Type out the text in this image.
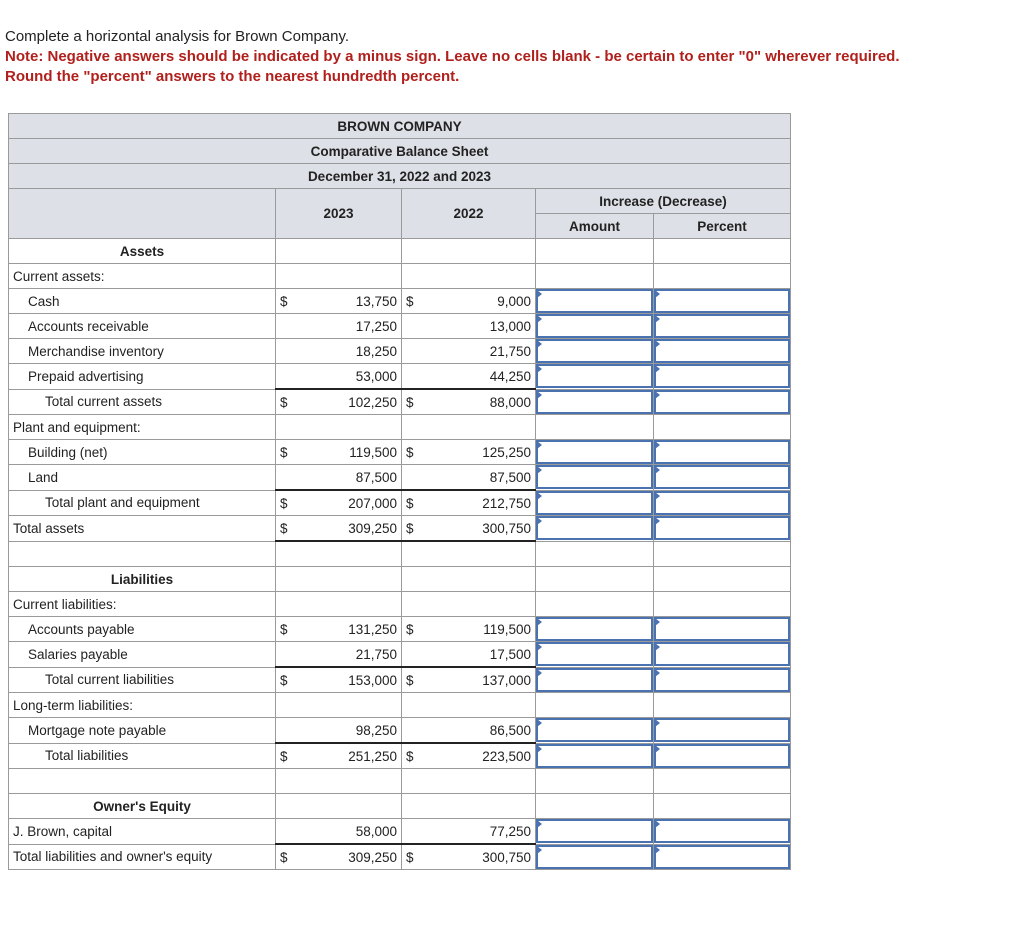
Complete a horizontal analysis for Brown Company.
Note: Negative answers should be indicated by a minus sign. Leave no cells blank - be certain to enter "0" wherever required.
Round the "percent" answers to the nearest hundredth percent.
BROWN COMPANY				
Comparative Balance Sheet				
December 31, 2022 and 2023				
	2023	2022	Increase (Decrease)	
			Amount	Percent
Assets				
Current assets:				
Cash	$ 13,750	$ 9,000

Accounts receivable	17,250	13,000

Merchandise inventory	18,250	21,750

Prepaid advertising	53,000	44,250

Total current assets	$ 102,250	$ 88,000

Plant and equipment:				
Building (net)	$ 119,500	$ 125,250

Land	87,500	87,500

Total plant and equipment	$ 207,000	$ 212,750

Total assets	$ 309,250	$ 300,750

Liabilities				
Current liabilities:				
Accounts payable	$ 131,250	$ 119,500

Salaries payable	21,750	17,500

Total current liabilities	$ 153,000	$ 137,000

Long-term liabilities:				
Mortgage note payable	98,250	86,500

Total liabilities	$ 251,250	$ 223,500

Owner's Equity				
J. Brown, capital	58,000	77,250

Total liabilities and owner's equity	$ 309,250	$ 300,750
